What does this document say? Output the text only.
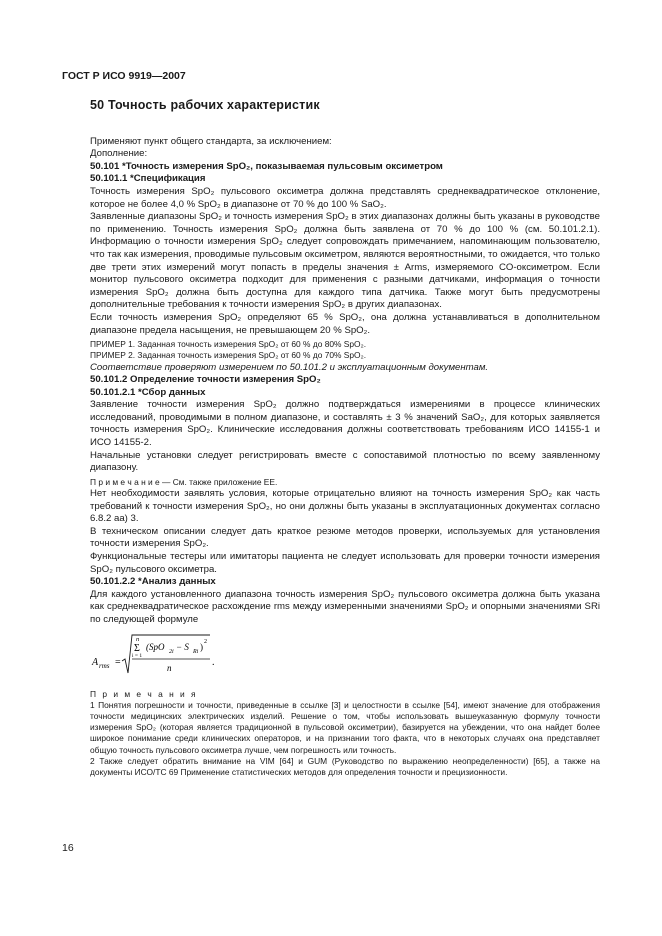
ГОСТ Р ИСО 9919—2007
50 Точность рабочих характеристик

Применяют пункт общего стандарта, за исключением:

Дополнение:

50.101 *Точность измерения SpO₂, показываемая пульсовым оксиметром

50.101.1 *Спецификация

Точность измерения SpO₂ пульсового оксиметра должна представлять среднеквадратическое отклонение, которое не более 4,0 % SpO₂ в диапазоне от 70 % до 100 % SaO₂.

Заявленные диапазоны SpO₂ и точность измерения SpO₂ в этих диапазонах должны быть указаны в руководстве по применению. Точность измерения SpO₂ должна быть заявлена от 70 % до 100 % (см. 50.101.2.1). Информацию о точности измерения SpO₂ следует сопровождать примечанием, напоминающим пользователю, что так как измерения, проводимые пульсовым оксиметром, являются вероятностными, то ожидается, что только две трети этих измерений могут попасть в пределы значения ± Arms, измеряемого CO-оксиметром. Если монитор пульсового оксиметра подходит для применения с разными датчиками, информация о точности измерения SpO₂ должна быть доступна для каждого типа датчика. Также могут быть предусмотрены дополнительные требования к точности измерения SpO₂ в других диапазонах.

Если точность измерения SpO₂ определяют 65 % SpO₂, она должна устанавливаться в дополнительном диапазоне предела насыщения, не превышающем 20 % SpO₂.

ПРИМЕР 1. Заданная точность измерения SpO₂ от 60 % до 80% SpO₂.

ПРИМЕР 2. Заданная точность измерения SpO₂ от 60 % до 70% SpO₂.

Соответствие проверяют измерением по 50.101.2 и эксплуатационным документам.

50.101.2 Определение точности измерения SpO₂

50.101.2.1 *Сбор данных

Заявление точности измерения SpO₂ должно подтверждаться измерениями в процессе клинических исследований, проводимыми в полном диапазоне, и составлять ± 3 % значений SaO₂, для которых заявляется точность измерения SpO₂. Клинические исследования должны соответствовать требованиям ИСО 14155-1 и ИСО 14155-2.

Начальные установки следует регистрировать вместе с сопоставимой плотностью по всему заявленному диапазону.

П р и м е ч а н и е — См. также приложение ЕЕ.

Нет необходимости заявлять условия, которые отрицательно влияют на точность измерения SpO₂ как часть требований к точности измерения SpO₂, но они должны быть указаны в эксплуатационных документах согласно 6.8.2 аа) 3.

В техническом описании следует дать краткое резюме методов проверки, используемых для установления точности измерения SpO₂.

Функциональные тестеры или имитаторы пациента не следует использовать для проверки точности измерения SpO₂ пульсового оксиметра.

50.101.2.2 *Анализ данных

Для каждого установленного диапазона точность измерения SpO₂ пульсового оксиметра должна быть указана как среднеквадратическое расхождение rms между измеренными значениями SpO₂ и опорными значениями SRi по следующей формуле

A rms =
n
Σ
i = 1
(SpO 2i − S Ri ) 2
n	.

П р и м е ч а н и я

1 Понятия погрешности и точности, приведенные в ссылке [3] и целостности в ссылке [54], имеют значение для отображения точности медицинских электрических изделий. Решение о том, чтобы использовать вышеуказанную формулу точности измерения SpO₂ (которая является традиционной в пульсовой оксиметрии), базируется на убеждении, что она найдет более широкое понимание среди клинических операторов, и на признании того факта, что в некоторых случаях она представляет общую точность пульсового оксиметра лучше, чем погрешность или точность.

2 Также следует обратить внимание на VIM [64] и GUM (Руководство по выражению неопределенности) [65], а также на документы ИСО/ТС 69 Применение статистических методов для определения точности и прецизионности.

16
